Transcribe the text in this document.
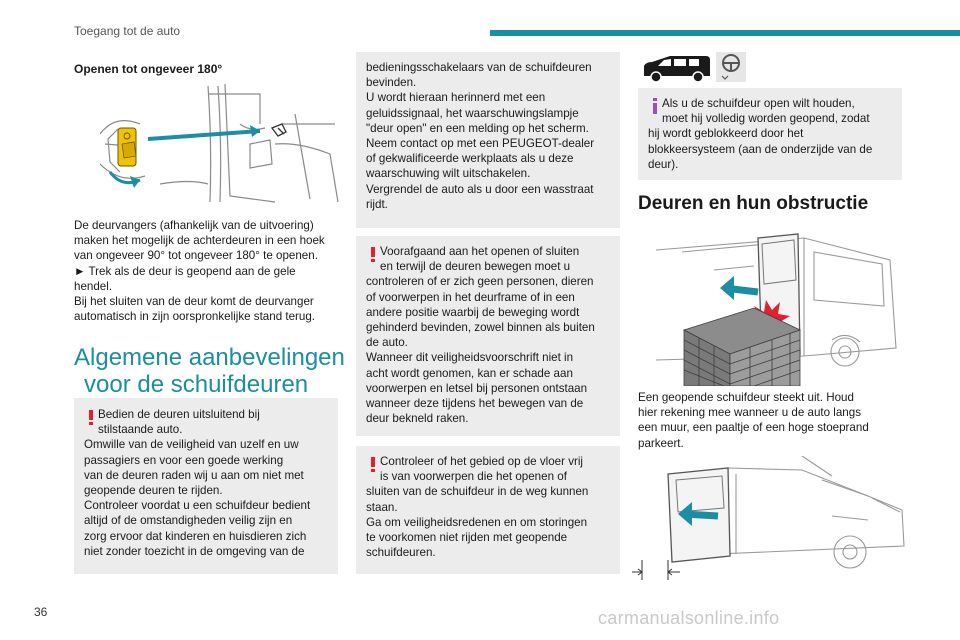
Toegang tot de auto

Openen tot ongeveer 180°

De deurvangers (afhankelijk van de uitvoering)

maken het mogelijk de achterdeuren in een hoek

van ongeveer 90° tot ongeveer 180° te openen.

► Trek als de deur is geopend aan de gele

hendel.

Bij het sluiten van de deur komt de deurvanger

automatisch in zijn oorspronkelijke stand terug.

Algemene aanbevelingen
voor de schuifdeuren

Bedien de deuren uitsluitend bij

stilstaande auto.

Omwille van de veiligheid van uzelf en uw

passagiers en voor een goede werking

van de deuren raden wij u aan om niet met

geopende deuren te rijden.

Controleer voordat u een schuifdeur bedient

altijd of de omstandigheden veilig zijn en

zorg ervoor dat kinderen en huisdieren zich

niet zonder toezicht in de omgeving van de

bedieningsschakelaars van de schuifdeuren

bevinden.

U wordt hieraan herinnerd met een

geluidssignaal, het waarschuwingslampje

"deur open" en een melding op het scherm.

Neem contact op met een PEUGEOT-dealer

of gekwalificeerde werkplaats als u deze

waarschuwing wilt uitschakelen.

Vergrendel de auto als u door een wasstraat

rijdt.

Voorafgaand aan het openen of sluiten

en terwijl de deuren bewegen moet u

controleren of er zich geen personen, dieren

of voorwerpen in het deurframe of in een

andere positie waarbij de beweging wordt

gehinderd bevinden, zowel binnen als buiten

de auto.

Wanneer dit veiligheidsvoorschrift niet in

acht wordt genomen, kan er schade aan

voorwerpen en letsel bij personen ontstaan

wanneer deze tijdens het bewegen van de

deur bekneld raken.

Controleer of het gebied op de vloer vrij

is van voorwerpen die het openen of

sluiten van de schuifdeur in de weg kunnen

staan.

Ga om veiligheidsredenen en om storingen

te voorkomen niet rijden met geopende

schuifdeuren.

Als u de schuifdeur open wilt houden,

moet hij volledig worden geopend, zodat

hij wordt geblokkeerd door het

blokkeersysteem (aan de onderzijde van de

deur).

Deuren en hun obstructie

Een geopende schuifdeur steekt uit. Houd

hier rekening mee wanneer u de auto langs

een muur, een paaltje of een hoge stoeprand

parkeert.

36	carmanualsonline.info
